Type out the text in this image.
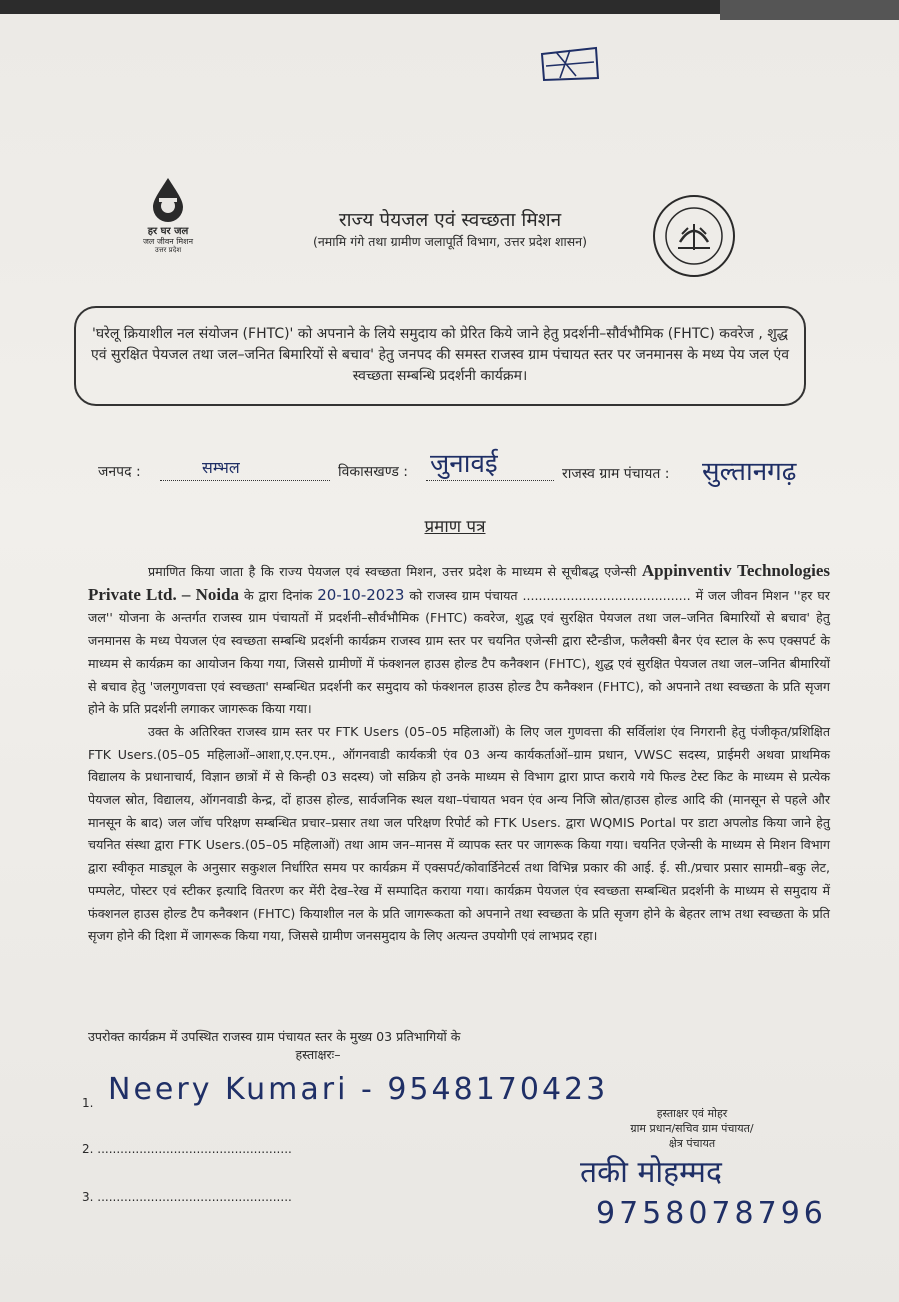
हर घर जल
जल जीवन मिशन
उत्तर प्रदेश
राज्य पेयजल एवं स्वच्छता मिशन
(नमामि गंगे तथा ग्रामीण जलापूर्ति विभाग, उत्तर प्रदेश शासन)

'घरेलू क्रियाशील नल संयोजन (FHTC)' को अपनाने के लिये समुदाय को प्रेरित किये जाने हेतु प्रदर्शनी–सौर्वभौमिक (FHTC) कवरेज , शुद्ध एवं सुरक्षित पेयजल तथा जल–जनित बिमारियों से बचाव' हेतु जनपद की समस्त राजस्व ग्राम पंचायत स्तर पर जनमानस के मध्य पेय जल एंव स्वच्छता सम्बन्धि प्रदर्शनी कार्यक्रम।

जनपद :	सम्भल	विकासखण्ड : जुनावई	राजस्व ग्राम पंचायत : सुल्तानगढ़
प्रमाण पत्र

प्रमाणित किया जाता है कि राज्य पेयजल एवं स्वच्छता मिशन, उत्तर प्रदेश के माध्यम से सूचीबद्ध एजेन्सी Appinventiv Technologies Private Ltd. – Noida के द्वारा दिनांक 20-10-2023 को राजस्व ग्राम पंचायत .......................................... में जल जीवन मिशन ''हर घर जल'' योजना के अन्तर्गत राजस्व ग्राम पंचायतों में प्रदर्शनी–सौर्वभौमिक (FHTC) कवरेज, शुद्ध एवं सुरक्षित पेयजल तथा जल–जनित बिमारियों से बचाव' हेतु जनमानस के मध्य पेयजल एंव स्वच्छता सम्बन्धि प्रदर्शनी कार्यक्रम राजस्व ग्राम स्तर पर चयनित एजेन्सी द्वारा स्टैन्डीज, फलैक्सी बैनर एंव स्टाल के रूप एक्सपर्ट के माध्यम से कार्यक्रम का आयोजन किया गया, जिससे ग्रामीणों में फंक्शनल हाउस होल्ड टैप कनैक्शन (FHTC), शुद्ध एवं सुरक्षित पेयजल तथा जल–जनित बीमारियों से बचाव हेतु 'जलगुणवत्ता एवं स्वच्छता' सम्बन्धित प्रदर्शनी कर समुदाय को फंक्शनल हाउस होल्ड टैप कनैक्शन (FHTC), को अपनाने तथा स्वच्छता के प्रति सृजग होने के प्रति प्रदर्शनी लगाकर जागरूक किया गया।

उक्त के अतिरिक्त राजस्व ग्राम स्तर पर FTK Users (05–05 महिलाओं) के लिए जल गुणवत्ता की सर्विलांश एंव निगरानी हेतु पंजीकृत/प्रशिक्षित FTK Users.(05–05 महिलाओं–आशा,ए.एन.एम., ऑगनवाडी कार्यकत्री एंव 03 अन्य कार्यकर्ताओं–ग्राम प्रधान, VWSC सदस्य, प्राईमरी अथवा प्राथमिक विद्यालय के प्रधानाचार्य, विज्ञान छात्रों में से किन्ही 03 सदस्य) जो सक्रिय हो उनके माध्यम से विभाग द्वारा प्राप्त कराये गये फिल्ड टेस्ट किट के माध्यम से प्रत्येक पेयजल स्रोत, विद्यालय, ऑगनवाडी केन्द्र, दों हाउस होल्ड, सार्वजनिक स्थल यथा–पंचायत भवन एंव अन्य निजि स्रोत/हाउस होल्ड आदि की (मानसून से पहले और मानसून के बाद) जल जॉच परिक्षण सम्बन्धित प्रचार–प्रसार तथा जल परिक्षण रिपोर्ट को FTK Users. द्वारा WQMIS Portal पर डाटा अपलोड किया जाने हेतु चयनित संस्था द्वारा FTK Users.(05–05 महिलाओं) तथा आम जन–मानस में व्यापक स्तर पर जागरूक किया गया। चयनित एजेन्सी के माध्यम से मिशन विभाग द्वारा स्वीकृत माड्यूल के अनुसार सकुशल निर्धारित समय पर कार्यक्रम में एक्सपर्ट/कोवार्डिनेटर्स तथा विभिन्न प्रकार की आई. ई. सी./प्रचार प्रसार सामग्री–बकु लेट, पम्पलेट, पोस्टर एवं स्टीकर इत्यादि वितरण कर मेंरी देख–रेख में सम्पादित कराया गया। कार्यक्रम पेयजल एंव स्वच्छता सम्बन्धित प्रदर्शनी के माध्यम से समुदाय में फंक्शनल हाउस होल्ड टैप कनैक्शन (FHTC) कियाशील नल के प्रति जागरूकता को अपनाने तथा स्वच्छता के प्रति सृजग होने के बेहतर लाभ तथा स्वच्छता के प्रति सृजग होने की दिशा में जागरूक किया गया, जिससे ग्रामीण जनसमुदाय के लिए अत्यन्त उपयोगी एवं लाभप्रद रहा।

उपरोक्त कार्यक्रम में उपस्थित राजस्व ग्राम पंचायत स्तर के मुख्य 03 प्रतिभागियों के
हस्ताक्षरः–
1. Neery Kumari - 9548170423
2. ...................................................
3. ...................................................
हस्ताक्षर एवं मोहर
ग्राम प्रधान/सचिव ग्राम पंचायत/
क्षेत्र पंचायत
तकी मोहम्मद
9758078796
